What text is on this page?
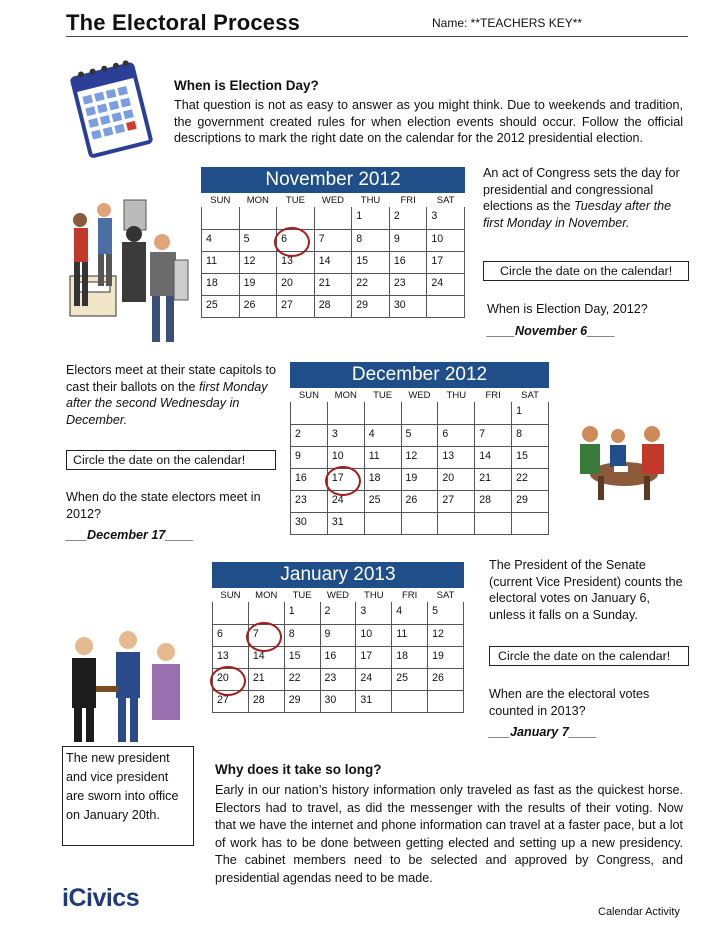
The Electoral Process	Name: **TEACHERS KEY**
When is Election Day?
That question is not as easy to answer as you might think. Due to weekends and tradition, the government created rules for when election events should occur. Follow the official descriptions to mark the right date on the calendar for the 2012 presidential election.
November 2012
SUN	MON	TUE	WED	THU	FRI	SAT
				1	2	3
4	5	6	7	8	9	10
11	12	13	14	15	16	17
18	19	20	21	22	23	24
25	26	27	28	29	30	
An act of Congress sets the day for presidential and congressional elections as the Tuesday after the first Monday in November.
Circle the date on the calendar!
When is Election Day, 2012?
____November 6____
Electors meet at their state capitols to cast their ballots on the first Monday after the second Wednesday in December.
Circle the date on the calendar!
When do the state electors meet in 2012?
___December 17____
December 2012
SUN	MON	TUE	WED	THU	FRI	SAT
						1
2	3	4	5	6	7	8
9	10	11	12	13	14	15
16	17	18	19	20	21	22
23	24	25	26	27	28	29
30	31					
January 2013
SUN	MON	TUE	WED	THU	FRI	SAT
		1	2	3	4	5
6	7	8	9	10	11	12
13	14	15	16	17	18	19
20	21	22	23	24	25	26
27	28	29	30	31		
The President of the Senate (current Vice President) counts the electoral votes on January 6, unless it falls on a Sunday.
Circle the date on the calendar!
When are the electoral votes counted in 2013?
___January 7____
The new president and vice president are sworn into office on January 20th.
Why does it take so long?
Early in our nation’s history information only traveled as fast as the quickest horse. Electors had to travel, as did the messenger with the results of their voting. Now that we have the internet and phone information can travel at a faster pace, but a lot of work has to be done between getting elected and setting up a new presidency. The cabinet members need to be selected and approved by Congress, and presidential agendas need to be made.
iCivics	Calendar Activity
